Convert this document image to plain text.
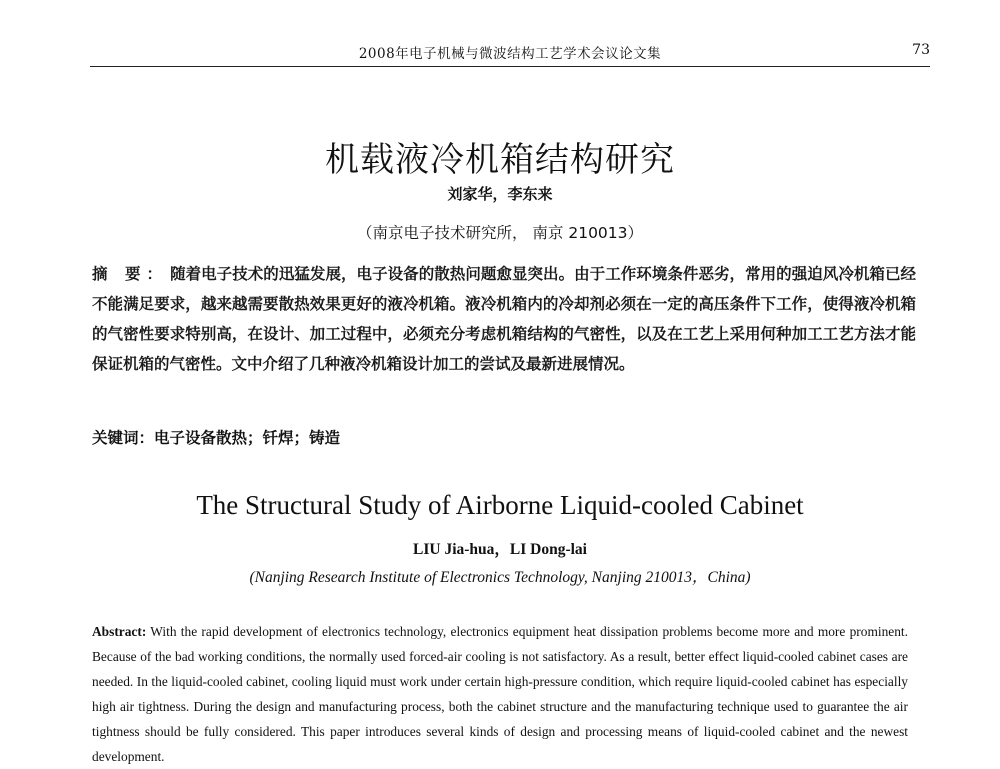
2008年电子机械与微波结构工艺学术会议论文集	73
机载液冷机箱结构研究
刘家华，李东来
（南京电子技术研究所， 南京 210013）
摘 要： 随着电子技术的迅猛发展，电子设备的散热问题愈显突出。由于工作环境条件恶劣，常用的强迫风冷机箱已经不能满足要求，越来越需要散热效果更好的液冷机箱。液冷机箱内的冷却剂必须在一定的高压条件下工作，使得液冷机箱的气密性要求特别高，在设计、加工过程中，必须充分考虑机箱结构的气密性，以及在工艺上采用何种加工工艺方法才能保证机箱的气密性。文中介绍了几种液冷机箱设计加工的尝试及最新进展情况。
关键词：电子设备散热；钎焊；铸造
The Structural Study of Airborne Liquid-cooled Cabinet
LIU Jia-hua，LI Dong-lai
(Nanjing Research Institute of Electronics Technology, Nanjing 210013，China)
Abstract: With the rapid development of electronics technology, electronics equipment heat dissipation problems become more and more prominent. Because of the bad working conditions, the normally used forced-air cooling is not satisfactory. As a result, better effect liquid-cooled cabinet cases are needed. In the liquid-cooled cabinet, cooling liquid must work under certain high-pressure condition, which require liquid-cooled cabinet has especially high air tightness. During the design and manufacturing process, both the cabinet structure and the manufacturing technique used to guarantee the air tightness should be fully considered. This paper introduces several kinds of design and processing means of liquid-cooled cabinet and the newest development.
